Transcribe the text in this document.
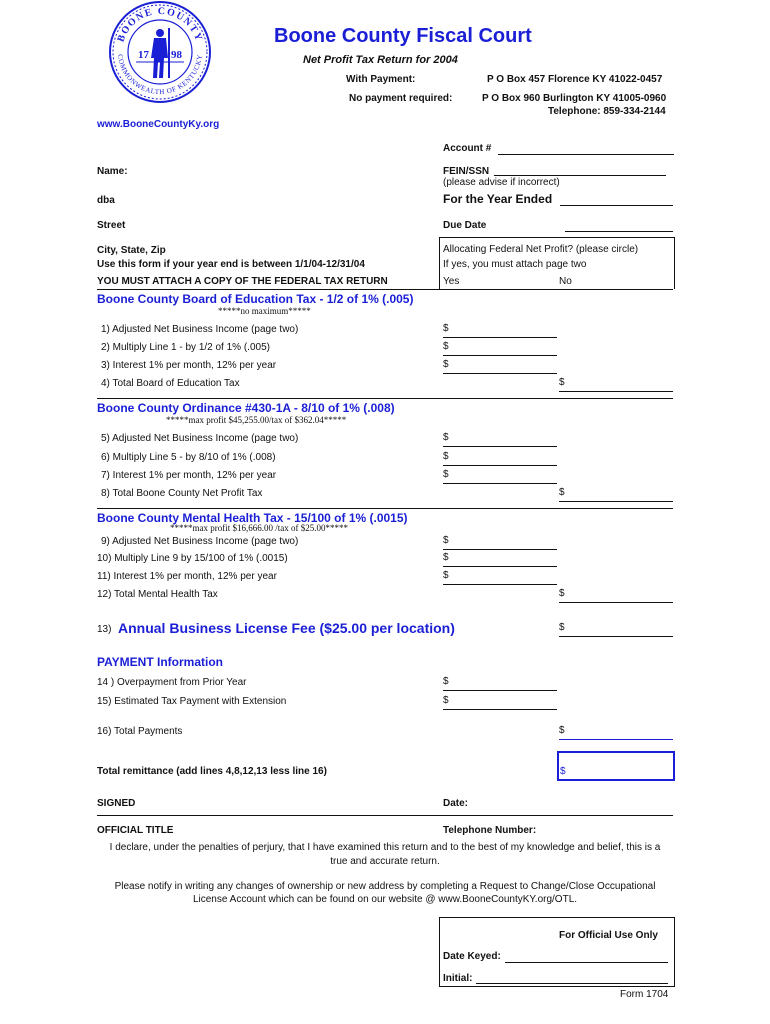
BOONE COUNTY
COMMONWEALTH OF KENTUCKY
17 98
Boone County Fiscal Court
Net Profit Tax Return for 2004
With Payment:	P O Box 457 Florence KY 41022-0457
No payment required:	P O Box 960 Burlington KY 41005-0960
Telephone: 859-334-2144
www.BooneCountyKy.org
Account #
Name:	FEIN/SSN
(please advise if incorrect)
dba	For the Year Ended
Street	Due Date
City, State, Zip
Use this form if your year end is between 1/1/04-12/31/04
YOU MUST ATTACH A COPY OF THE FEDERAL TAX RETURN
Allocating Federal Net Profit? (please circle)
If yes, you must attach page two
Yes	No
Boone County Board of Education Tax - 1/2 of 1% (.005)
*****no maximum*****
1) Adjusted Net Business Income (page two)	$
2) Multiply Line 1 - by 1/2 of 1% (.005)	$
3) Interest 1% per month, 12% per year	$
4) Total Board of Education Tax	$
Boone County Ordinance #430-1A - 8/10 of 1% (.008)
*****max profit $45,255.00/tax of $362.04*****
5) Adjusted Net Business Income (page two)	$
6) Multiply Line 5 - by 8/10 of 1% (.008)	$
7) Interest 1% per month, 12% per year	$
8) Total Boone County Net Profit Tax	$
Boone County Mental Health Tax - 15/100 of 1% (.0015)
*****max profit $16,666.00 /tax of $25.00*****
9) Adjusted Net Business Income (page two)	$
10) Multiply Line 9 by 15/100 of 1% (.0015)	$
11) Interest 1% per month, 12% per year	$
12) Total Mental Health Tax	$
13) Annual Business License Fee ($25.00 per location)	$
PAYMENT Information
14 ) Overpayment from Prior Year	$
15) Estimated Tax Payment with Extension	$
16) Total Payments	$
Total remittance (add lines 4,8,12,13 less line 16)	$
SIGNED	Date:
OFFICIAL TITLE	Telephone Number:
I declare, under the penalties of perjury, that I have examined this return and to the best of my knowledge and belief, this is a
true and accurate return.
Please notify in writing any changes of ownership or new address by completing a Request to Change/Close Occupational
License Account which can be found on our website @ www.BooneCountyKY.org/OTL.
For Official Use Only
Date Keyed:
Initial:
Form 1704
